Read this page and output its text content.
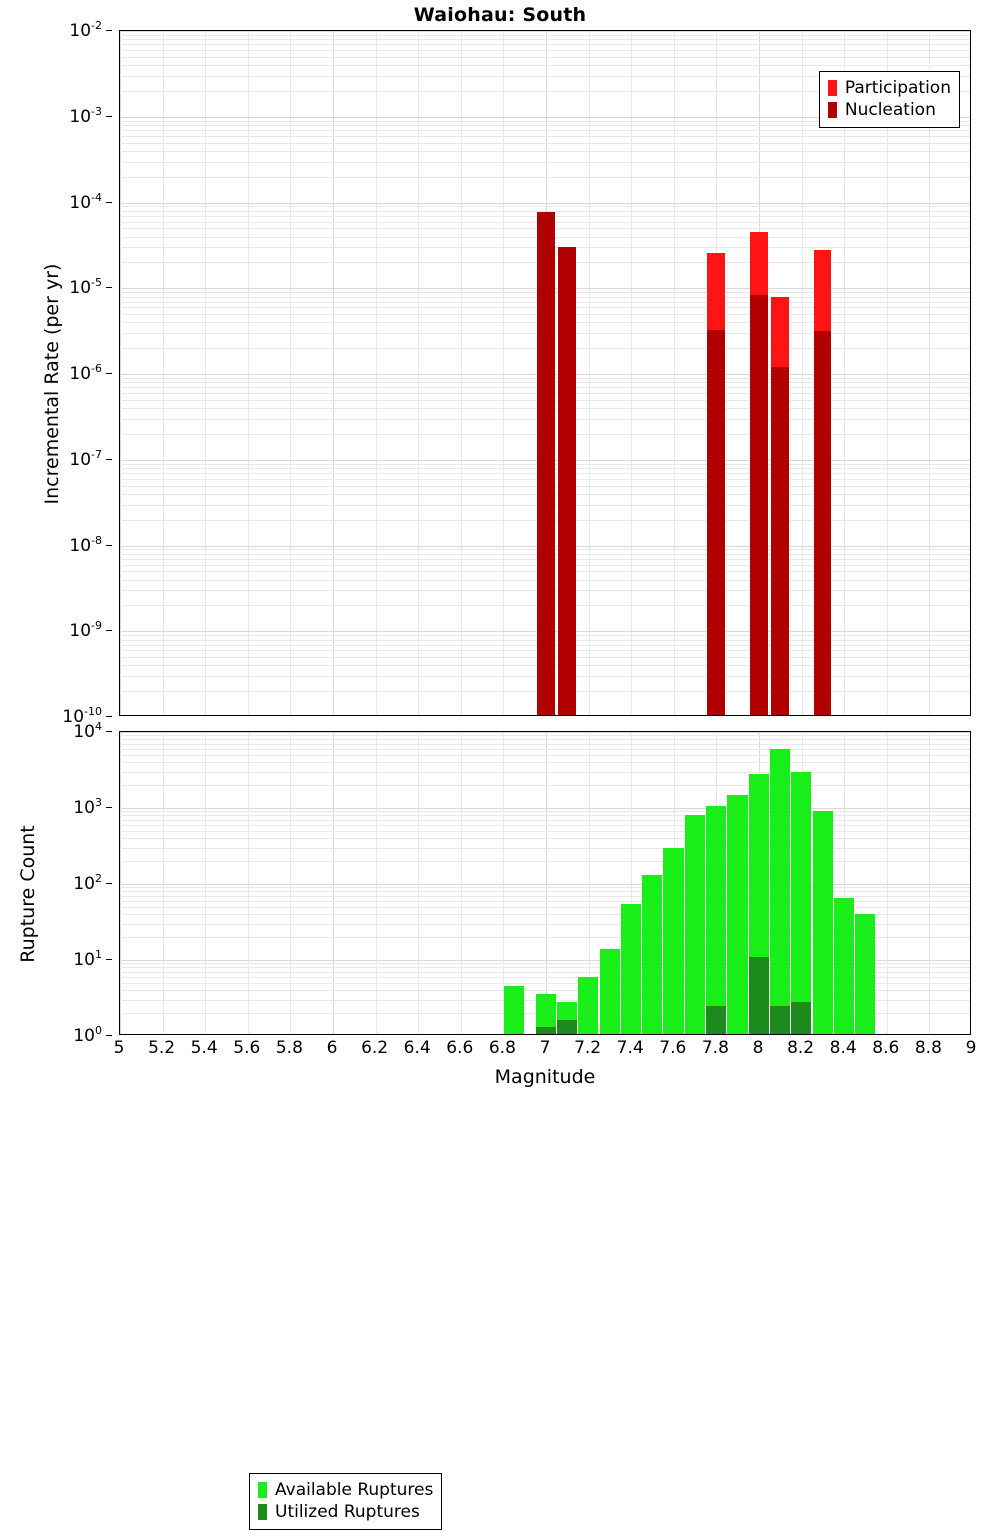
Waiohau: South
Participation
Nucleation
$10^{-2}$
$10^{-3}$
$10^{-4}$
$10^{-5}$
$10^{-6}$
$10^{-7}$
$10^{-8}$
$10^{-9}$
$10^{-10}$
Incremental Rate (per yr)
Available Ruptures
Utilized Ruptures
$10^4$
$10^3$
$10^2$
$10^1$
$10^0$
Rupture Count
5 5.2 5.4 5.6 5.8 6 6.2 6.4 6.6 6.8 7 7.2 7.4 7.6 7.8 8 8.2 8.4 8.6 8.8 9
Magnitude
